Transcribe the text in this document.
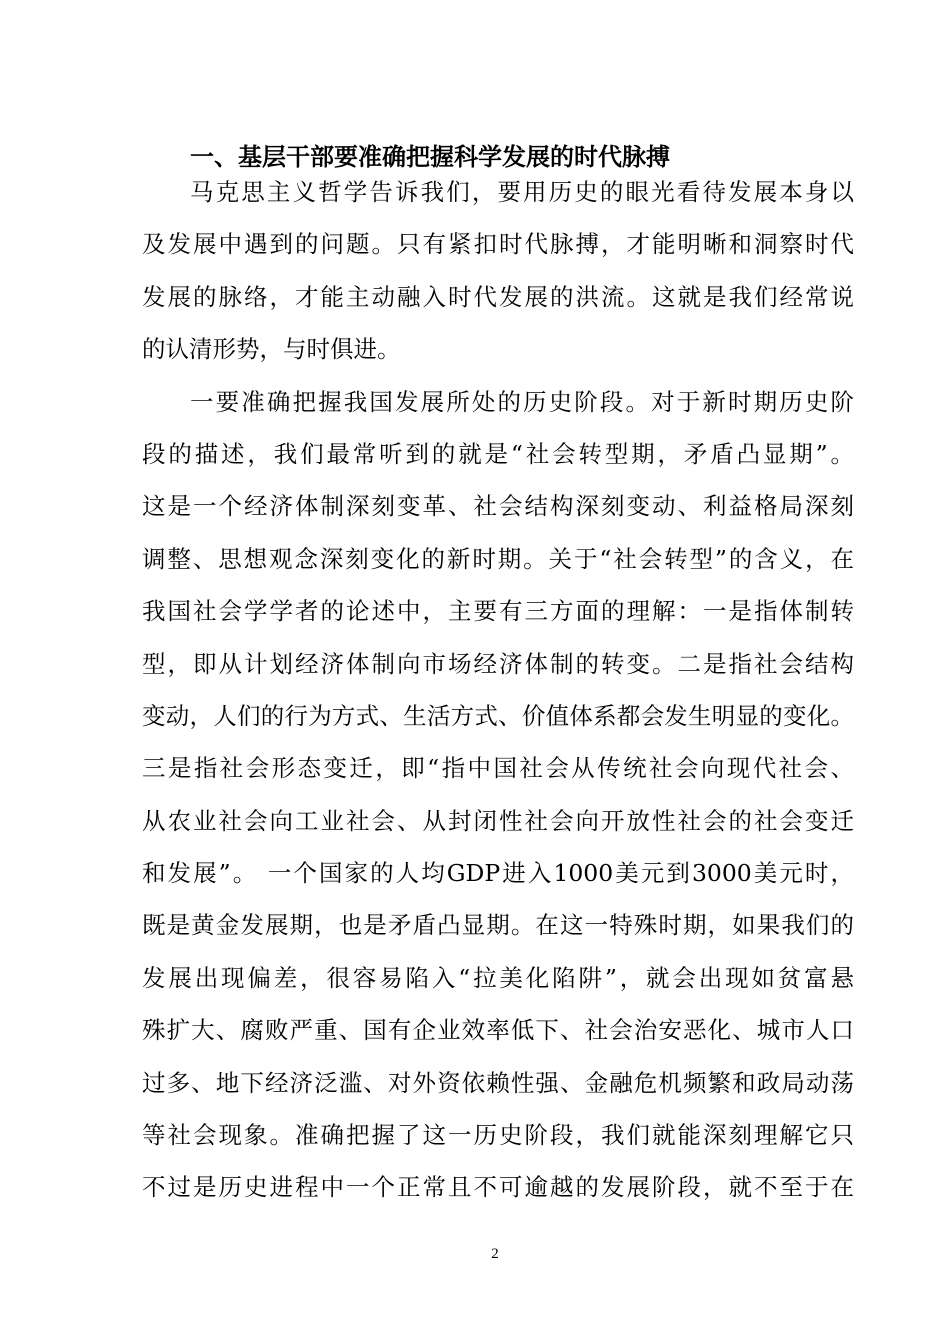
一、基层干部要准确把握科学发展的时代脉搏
马克思主义哲学告诉我们，要用历史的眼光看待发展本身以
及发展中遇到的问题。只有紧扣时代脉搏，才能明晰和洞察时代
发展的脉络，才能主动融入时代发展的洪流。这就是我们经常说
的认清形势，与时俱进。
一要准确把握我国发展所处的历史阶段。对于新时期历史阶
段的描述，我们最常听到的就是“社会转型期，矛盾凸显期”。
这是一个经济体制深刻变革、社会结构深刻变动、利益格局深刻
调整、思想观念深刻变化的新时期。关于“社会转型”的含义，在
我国社会学学者的论述中，主要有三方面的理解：一是指体制转
型，即从计划经济体制向市场经济体制的转变。二是指社会结构
变动，人们的行为方式、生活方式、价值体系都会发生明显的变化。
三是指社会形态变迁，即“指中国社会从传统社会向现代社会、
从农业社会向工业社会、从封闭性社会向开放性社会的社会变迁
和发展”。 一个国家的人均GDP进入1000美元到3000美元时，
既是黄金发展期，也是矛盾凸显期。在这一特殊时期，如果我们的
发展出现偏差，很容易陷入“拉美化陷阱”，就会出现如贫富悬
殊扩大、腐败严重、国有企业效率低下、社会治安恶化、城市人口
过多、地下经济泛滥、对外资依赖性强、金融危机频繁和政局动荡
等社会现象。准确把握了这一历史阶段，我们就能深刻理解它只
不过是历史进程中一个正常且不可逾越的发展阶段，就不至于在
2
